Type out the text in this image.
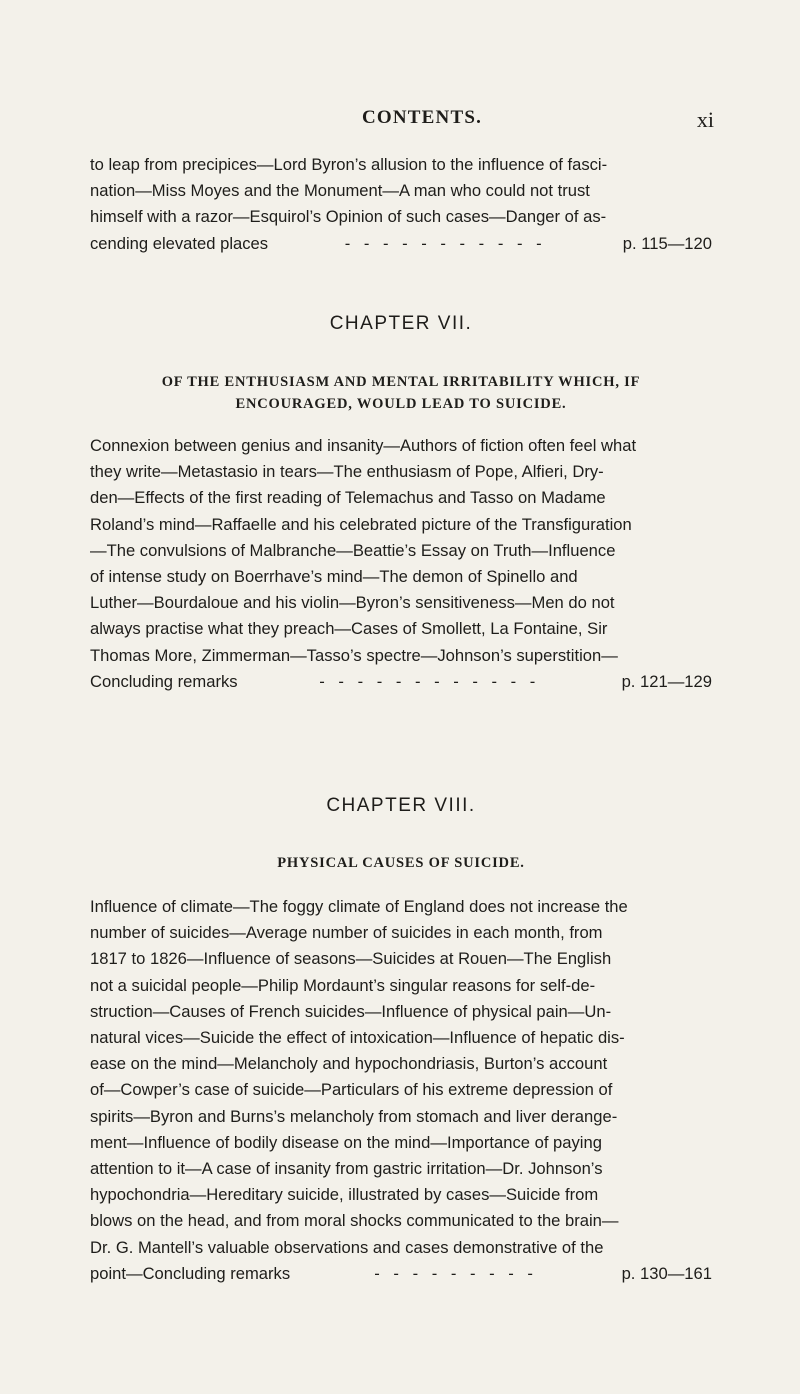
CONTENTS.	xi
to leap from precipices—Lord Byron’s allusion to the influence of fasci-
nation—Miss Moyes and the Monument—A man who could not trust
himself with a razor—Esquirol’s Opinion of such cases—Danger of as-
cending elevated places	- - - - - - - - - - -	p. 115—120
CHAPTER VII.
OF THE ENTHUSIASM AND MENTAL IRRITABILITY WHICH, IF
ENCOURAGED, WOULD LEAD TO SUICIDE.
Connexion between genius and insanity—Authors of fiction often feel what
they write—Metastasio in tears—The enthusiasm of Pope, Alfieri, Dry-
den—Effects of the first reading of Telemachus and Tasso on Madame
Roland’s mind—Raffaelle and his celebrated picture of the Transfiguration
—The convulsions of Malbranche—Beattie’s Essay on Truth—Influence
of intense study on Boerrhave’s mind—The demon of Spinello and
Luther—Bourdaloue and his violin—Byron’s sensitiveness—Men do not
always practise what they preach—Cases of Smollett, La Fontaine, Sir
Thomas More, Zimmerman—Tasso’s spectre—Johnson’s superstition—
Concluding remarks	- - - - - - - - - - - -	p. 121—129
CHAPTER VIII.
PHYSICAL CAUSES OF SUICIDE.
Influence of climate—The foggy climate of England does not increase the
number of suicides—Average number of suicides in each month, from
1817 to 1826—Influence of seasons—Suicides at Rouen—The English
not a suicidal people—Philip Mordaunt’s singular reasons for self-de-
struction—Causes of French suicides—Influence of physical pain—Un-
natural vices—Suicide the effect of intoxication—Influence of hepatic dis-
ease on the mind—Melancholy and hypochondriasis, Burton’s account
of—Cowper’s case of suicide—Particulars of his extreme depression of
spirits—Byron and Burns’s melancholy from stomach and liver derange-
ment—Influence of bodily disease on the mind—Importance of paying
attention to it—A case of insanity from gastric irritation—Dr. Johnson’s
hypochondria—Hereditary suicide, illustrated by cases—Suicide from
blows on the head, and from moral shocks communicated to the brain—
Dr. G. Mantell’s valuable observations and cases demonstrative of the
point—Concluding remarks	- - - - - - - - -	p. 130—161
